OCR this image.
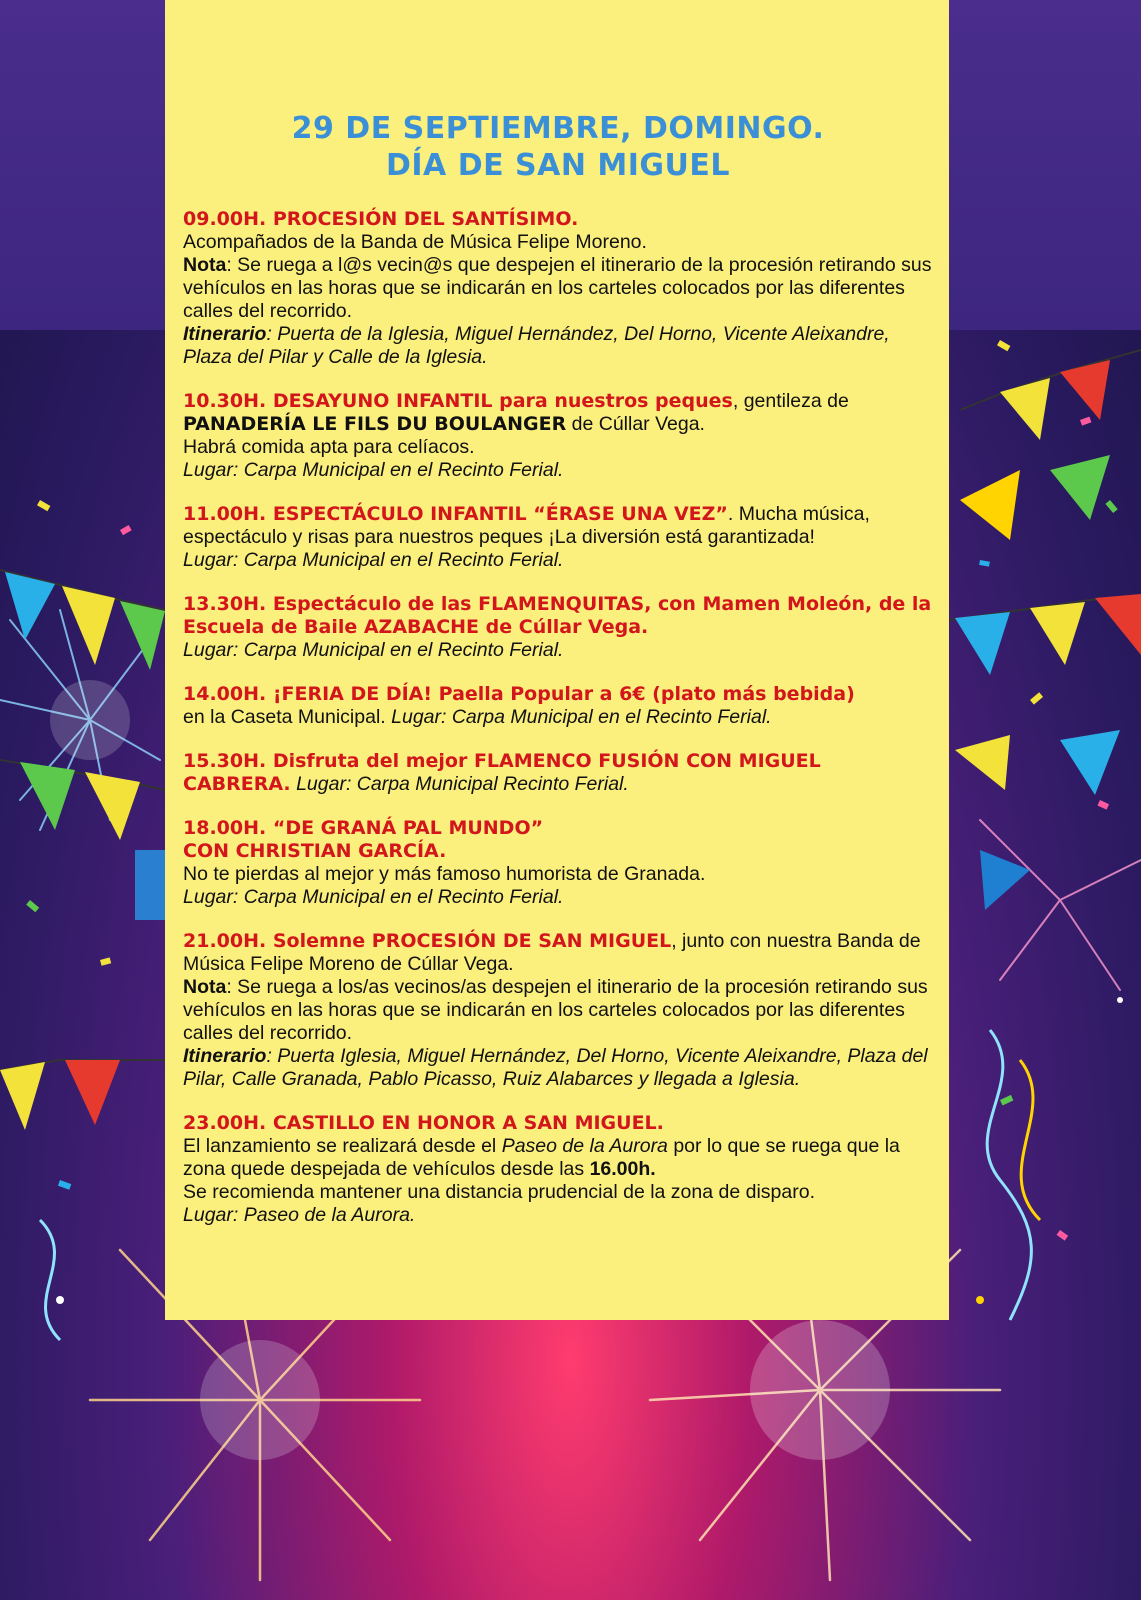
29 DE SEPTIEMBRE, DOMINGO.
DÍA DE SAN MIGUEL
09.00H. PROCESIÓN DEL SANTÍSIMO.
Acompañados de la Banda de Música Felipe Moreno.
Nota: Se ruega a l@s vecin@s que despejen el itinerario de la procesión retirando sus vehículos en las horas que se indicarán en los carteles colocados por las diferentes calles del recorrido.
Itinerario: Puerta de la Iglesia, Miguel Hernández, Del Horno, Vicente Aleixandre, Plaza del Pilar y Calle de la Iglesia.
10.30H. DESAYUNO INFANTIL para nuestros peques, gentileza de PANADERÍA LE FILS DU BOULANGER de Cúllar Vega.
Habrá comida apta para celíacos.
Lugar: Carpa Municipal en el Recinto Ferial.
11.00H. ESPECTÁCULO INFANTIL “ÉRASE UNA VEZ”. Mucha música, espectáculo y risas para nuestros peques ¡La diversión está garantizada!
Lugar: Carpa Municipal en el Recinto Ferial.
13.30H. Espectáculo de las FLAMENQUITAS, con Mamen Moleón, de la Escuela de Baile AZABACHE de Cúllar Vega.
Lugar: Carpa Municipal en el Recinto Ferial.
14.00H. ¡FERIA DE DÍA! Paella Popular a 6€ (plato más bebida)
en la Caseta Municipal. Lugar: Carpa Municipal en el Recinto Ferial.
15.30H. Disfruta del mejor FLAMENCO FUSIÓN CON MIGUEL CABRERA. Lugar: Carpa Municipal Recinto Ferial.
18.00H. “DE GRANÁ PAL MUNDO”
CON CHRISTIAN GARCÍA.
No te pierdas al mejor y más famoso humorista de Granada.
Lugar: Carpa Municipal en el Recinto Ferial.
21.00H. Solemne PROCESIÓN DE SAN MIGUEL, junto con nuestra Banda de Música Felipe Moreno de Cúllar Vega.
Nota: Se ruega a los/as vecinos/as despejen el itinerario de la procesión retirando sus vehículos en las horas que se indicarán en los carteles colocados por las diferentes calles del recorrido.
Itinerario: Puerta Iglesia, Miguel Hernández, Del Horno, Vicente Aleixandre, Plaza del Pilar, Calle Granada, Pablo Picasso, Ruiz Alabarces y llegada a Iglesia.
23.00H. CASTILLO EN HONOR A SAN MIGUEL.
El lanzamiento se realizará desde el Paseo de la Aurora por lo que se ruega que la zona quede despejada de vehículos desde las 16.00h.
Se recomienda mantener una distancia prudencial de la zona de disparo.
Lugar: Paseo de la Aurora.
